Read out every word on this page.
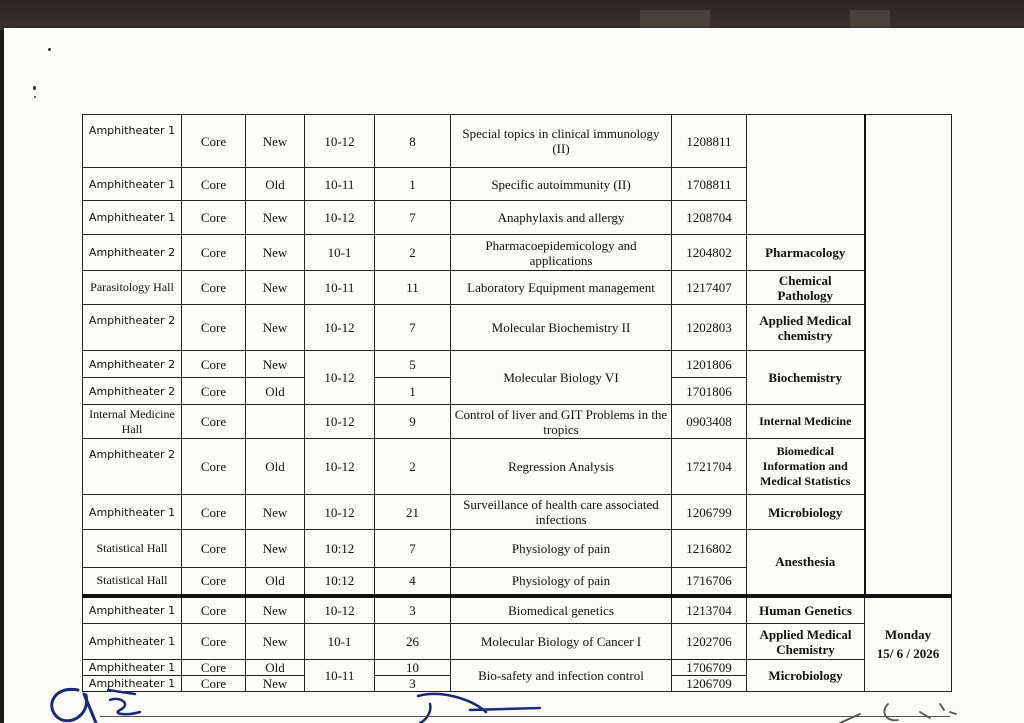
Amphitheater 1	Core	New	10-12	8	Special topics in clinical immunology (II)	1208811		
Amphitheater 1	Core	Old	10-11	1	Specific autoimmunity (II)	1708811		
Amphitheater 1	Core	New	10-12	7	Anaphylaxis and allergy	1208704		
Amphitheater 2	Core	New	10-1	2	Pharmacoepidemicology and applications	1204802	Pharmacology	
Parasitology Hall	Core	New	10-11	11	Laboratory Equipment management	1217407	Chemical Pathology	
Amphitheater 2	Core	New	10-12	7	Molecular Biochemistry II	1202803	Applied Medical chemistry	
Amphitheater 2	Core	New	10-12	5	Molecular Biology VI	1201806	Biochemistry	
Amphitheater 2	Core	Old		1		1701806		
Internal Medicine Hall	Core		10-12	9	Control of liver and GIT Problems in the tropics	0903408	Internal Medicine	
Amphitheater 2	Core	Old	10-12	2	Regression Analysis	1721704	Biomedical Information and Medical Statistics	
Amphitheater 1	Core	New	10-12	21	Surveillance of health care associated infections	1206799	Microbiology	
Statistical Hall	Core	New	10:12	7	Physiology of pain	1216802	Anesthesia	
Statistical Hall	Core	Old	10:12	4	Physiology of pain	1716706		
Amphitheater 1	Core	New	10-12	3	Biomedical genetics	1213704	Human Genetics	Monday
15/ 6 / 2026

Amphitheater 1	Core	New	10-1	26	Molecular Biology of Cancer I	1202706	Applied Medical Chemistry	
Amphitheater 1	Core	Old	10-11	10	Bio-safety and infection control	1706709	Microbiology	
Amphitheater 1	Core	New		3		1206709		
